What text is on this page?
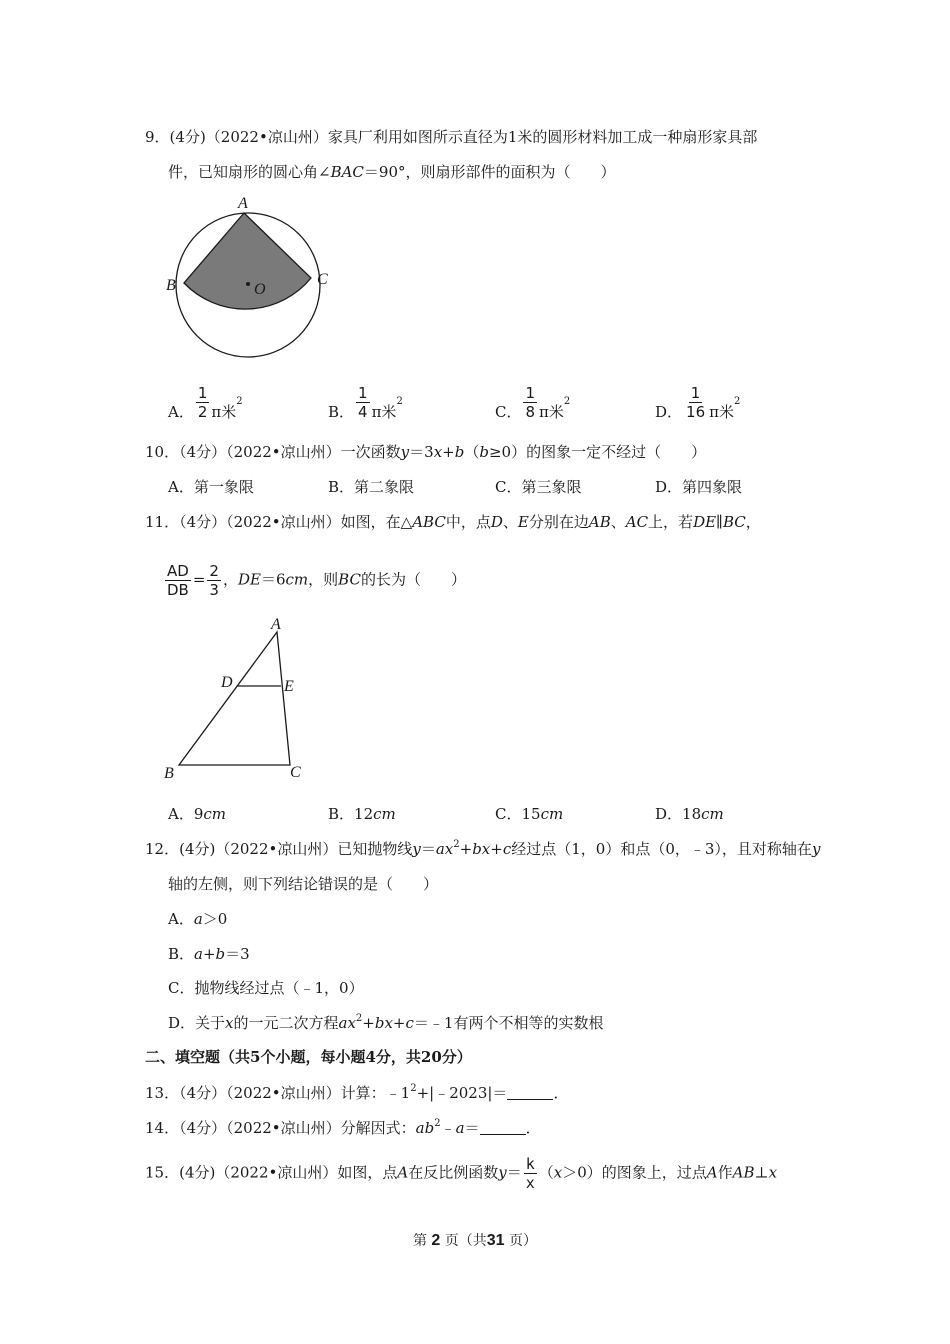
9．(4分)（2022•凉山州）家具厂利用如图所示直径为1米的圆形材料加工成一种扇形家具部
件，已知扇形的圆心角∠BAC＝90°，则扇形部件的面积为（　　）
A
B	C
O
A． $\frac{1}{2}$ π米$^2$
B． $\frac{1}{4}$ π米$^2$
C． $\frac{1}{8}$ π米$^2$
D． $\frac{1}{16}$ π米$^2$
10．（4分）（2022•凉山州）一次函数y＝3x+b（b≥0）的图象一定不经过（　　）
A．第一象限	B．第二象限	C．第三象限	D．第四象限
11．（4分）（2022•凉山州）如图，在△ABC中，点D、E分别在边AB、AC上，若DE∥BC，
$\frac{AD}{DB} = \frac{2}{3}$ ，DE＝6cm，则BC的长为（　　）
A
B	C
D	E
A．9cm	B．12cm	C．15cm	D．18cm
12．(4分)（2022•凉山州）已知抛物线$y=ax^2+bx+c$经过点（1，0）和点（0，﹣3），且对称轴在y
轴的左侧，则下列结论错误的是（　　）
A．a＞0
B．a+b＝3
C．抛物线经过点（﹣1，0）
D．关于x的一元二次方程$ax^2+bx+c=﹣1$有两个不相等的实数根
二、填空题（共5个小题，每小题4分，共20分）
13．（4分）（2022•凉山州）计算：$﹣1^2+|﹣2023|=$	．
14．（4分）（2022•凉山州）分解因式：$ab^2﹣a=$	．
15．(4分)（2022•凉山州）如图，点A在反比例函数$y= \frac{k}{x} (x>0)$的图象上，过点A作AB⊥x
第 2 页（共31 页）
